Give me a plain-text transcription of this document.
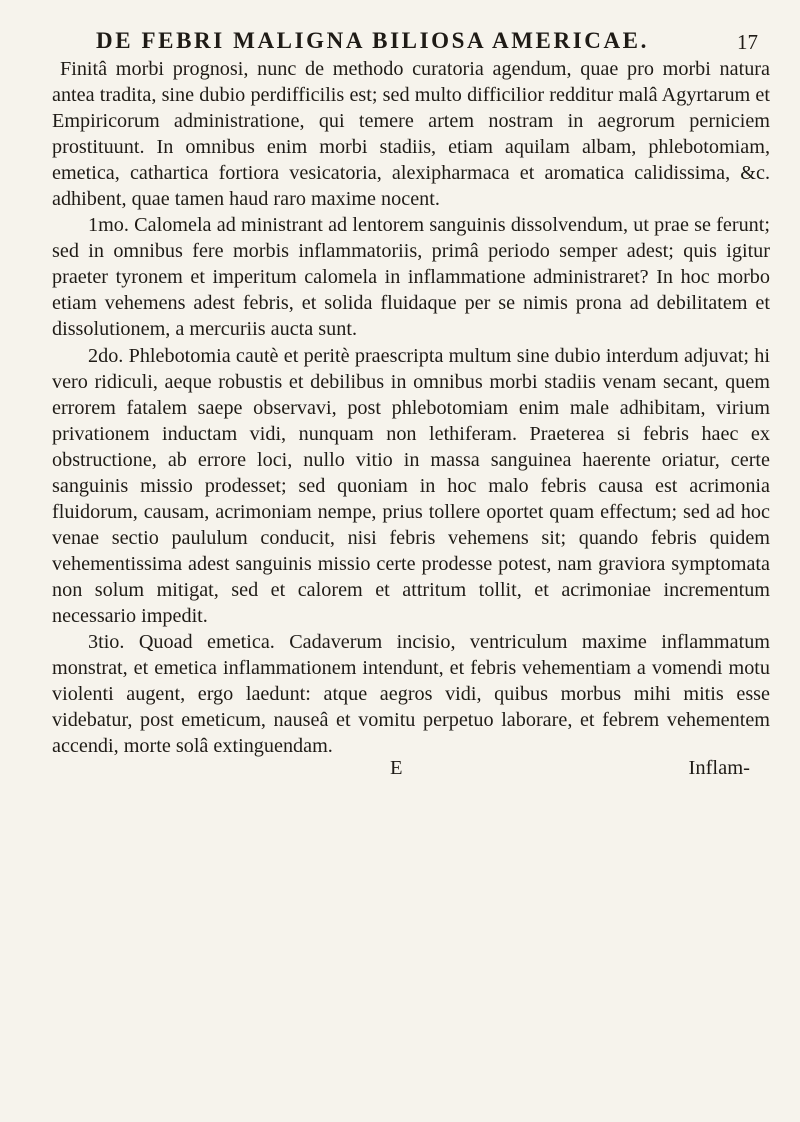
DE FEBRI MALIGNA BILIOSA AMERICAE.	17

Finitâ morbi prognosi, nunc de methodo curatoria agendum, quae pro morbi natura antea tradita, sine dubio perdifficilis est; sed multo difficilior redditur malâ Agyrtarum et Empiricorum administratione, qui temere artem nostram in aegrorum perniciem prostituunt. In omnibus enim morbi stadiis, etiam aquilam albam, phlebotomiam, emetica, cathartica fortiora vesicatoria, alexipharmaca et aromatica calidissima, &c. adhibent, quae tamen haud raro maxime nocent.

1mo. Calomela ad ministrant ad lentorem sanguinis dissolvendum, ut prae se ferunt; sed in omnibus fere morbis inflammatoriis, primâ periodo semper adest; quis igitur praeter tyronem et imperitum calomela in inflammatione administraret? In hoc morbo etiam vehemens adest febris, et solida fluidaque per se nimis prona ad debilitatem et dissolutionem, a mercuriis aucta sunt.

2do. Phlebotomia cautè et peritè praescripta multum sine dubio interdum adjuvat; hi vero ridiculi, aeque robustis et debilibus in omnibus morbi stadiis venam secant, quem errorem fatalem saepe observavi, post phlebotomiam enim male adhibitam, virium privationem inductam vidi, nunquam non lethiferam. Praeterea si febris haec ex obstructione, ab errore loci, nullo vitio in massa sanguinea haerente oriatur, certe sanguinis missio prodesset; sed quoniam in hoc malo febris causa est acrimonia fluidorum, causam, acrimoniam nempe, prius tollere oportet quam effectum; sed ad hoc venae sectio paululum conducit, nisi febris vehemens sit; quando febris quidem vehementissima adest sanguinis missio certe prodesse potest, nam graviora symptomata non solum mitigat, sed et calorem et attritum tollit, et acrimoniae incrementum necessario impedit.

3tio. Quoad emetica. Cadaverum incisio, ventriculum maxime inflammatum monstrat, et emetica inflammationem intendunt, et febris vehementiam a vomendi motu violenti augent, ergo laedunt: atque aegros vidi, quibus morbus mihi mitis esse videbatur, post emeticum, nauseâ et vomitu perpetuo laborare, et febrem vehementem accendi, morte solâ extinguendam.

E	Inflam-
